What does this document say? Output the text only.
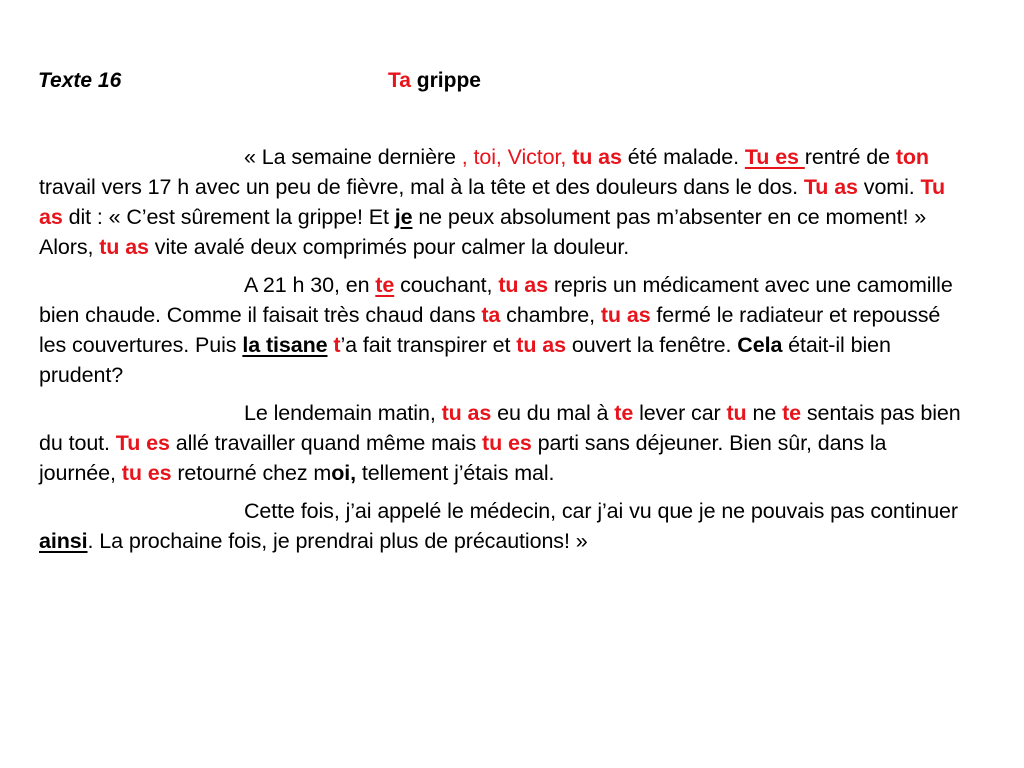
Texte 16	Ta grippe

« La semaine dernière , toi, Victor, tu as été malade. Tu es rentré de ton travail vers 17 h avec un peu de fièvre, mal à la tête et des douleurs dans le dos. Tu as vomi. Tu as dit : « C’est sûrement la grippe! Et je ne peux absolument pas m’absenter en ce moment! » Alors, tu as vite avalé deux comprimés pour calmer la douleur.

A 21 h 30, en te couchant, tu as repris un médicament avec une camomille bien chaude. Comme il faisait très chaud dans ta chambre, tu as fermé le radiateur et repoussé les couvertures. Puis la tisane t’a fait transpirer et tu as ouvert la fenêtre. Cela était-il bien prudent?

Le lendemain matin, tu as eu du mal à te lever car tu ne te sentais pas bien du tout. Tu es allé travailler quand même mais tu es parti sans déjeuner. Bien sûr, dans la journée, tu es retourné chez moi, tellement j’étais mal.

Cette fois, j’ai appelé le médecin, car j’ai vu que je ne pouvais pas continuer ainsi. La prochaine fois, je prendrai plus de précautions! »
